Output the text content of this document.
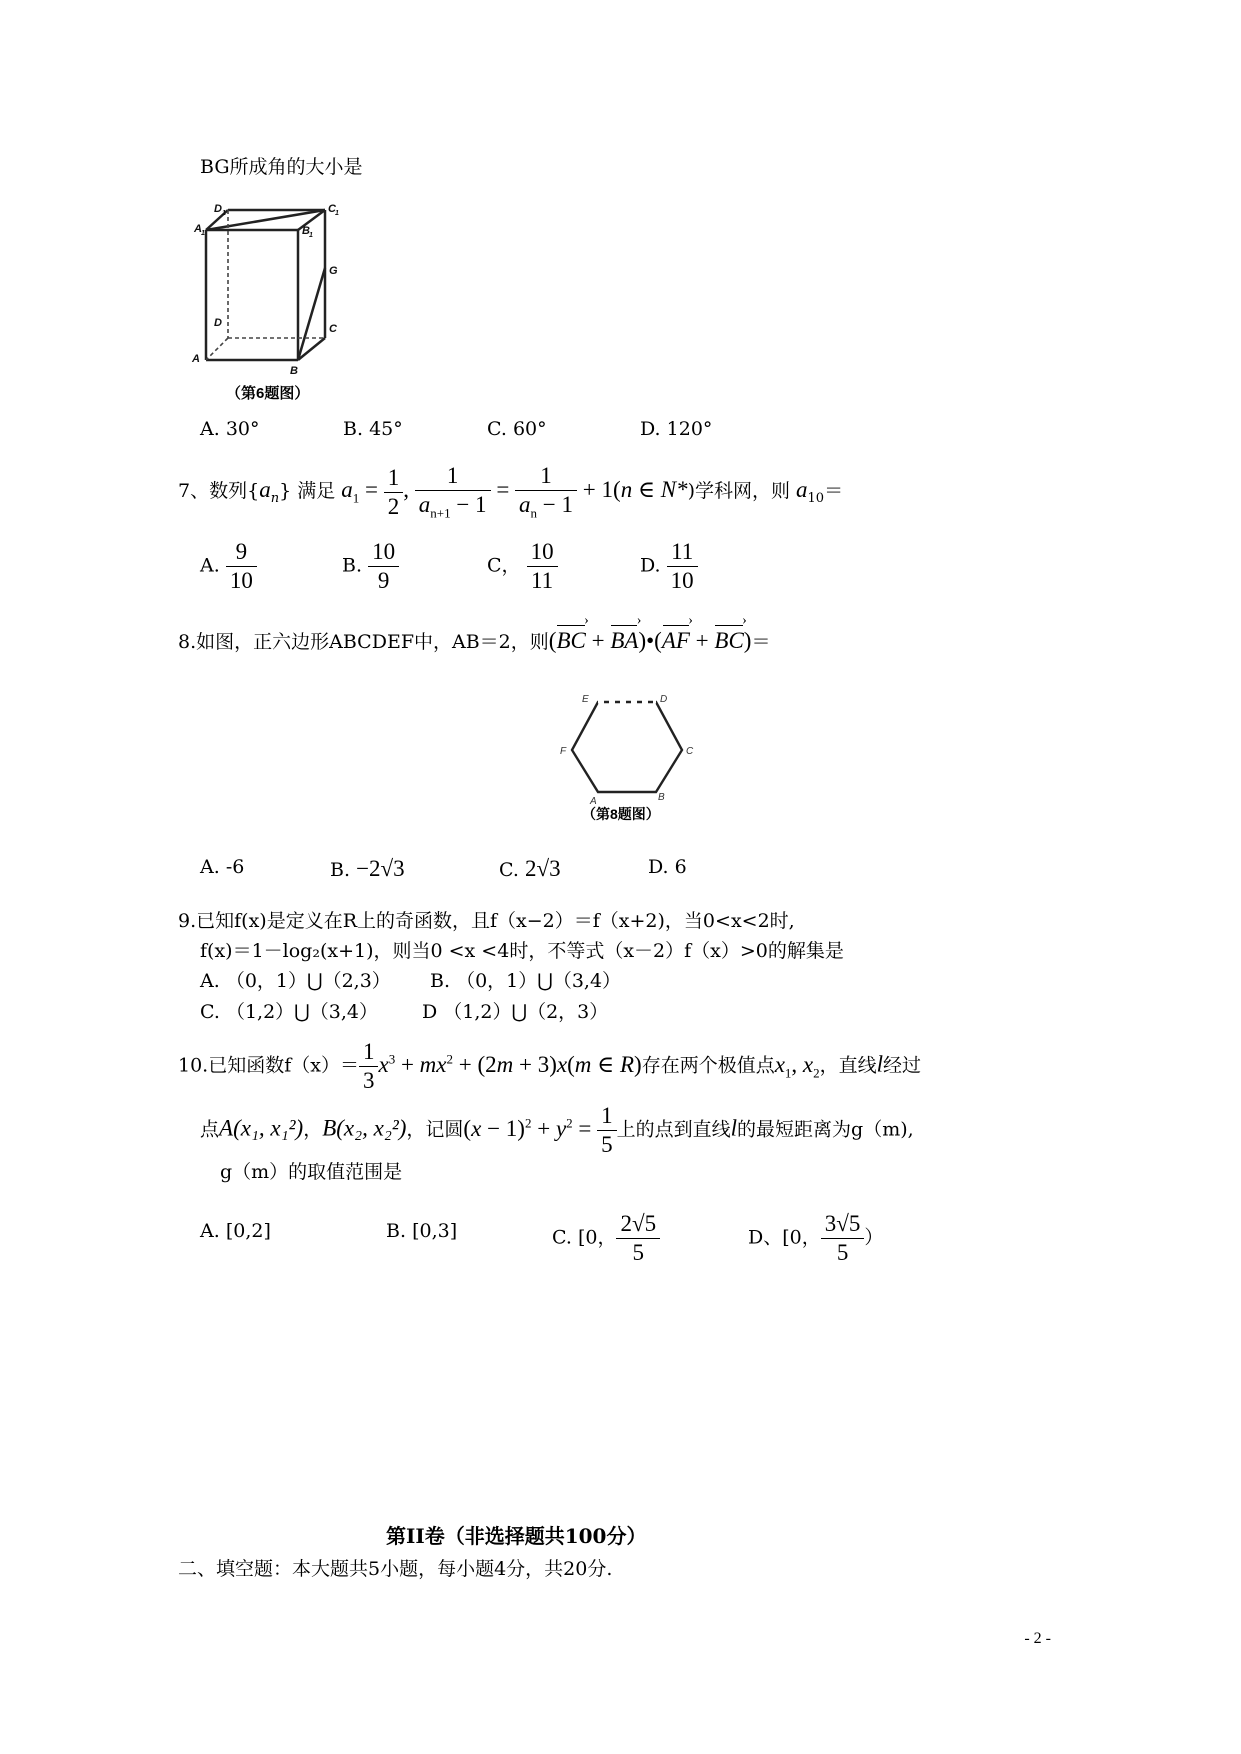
BG所成角的大小是
D 1	C 1
A 1	B 1
G
D	C
A
B
（第6题图）
A. 30°	B. 45°	C. 60°	D. 120°
7、数列$\{a_n\}$ 满足 $a_1 = \frac{1}{2}$ , $\frac{1}{a_{n+1} - 1} = \frac{1}{a_n - 1} + 1(n$ ∈ N*)学科网，则 $a_{10}=$
A. $\frac{9}{10}$	B. $\frac{10}{9}$	C， $\frac{10}{11}$	D. $\frac{11}{10}$
8.如图，正六边形ABCDEF中，AB＝2，则(BC › + BA ›)•(AF › + BC ›)＝
E	D
F	C
A	B
（第8题图）
A. -6	B. −2√3	C. 2√3	D. 6
9.已知f(x)是定义在R上的奇函数，且f（x−2）＝f（x+2)，当0<x<2时,
f(x)＝1－log₂(x+1)，则当0 <x <4时，不等式（x－2）f（x）>0的解集是
A. （0，1）⋃（2,3） B. （0，1）⋃（3,4）
C. （1,2）⋃（3,4） D （1,2）⋃（2，3）
10.已知函数$f(x)= \frac{1}{3} x^3 + mx^2 + (2m + 3)x(m$ ∈ R)存在两个极值点$x_1$, $x_2$，直线l经过
点A(x₁, x₁²)，B(x₂, x₂²)，记圆$(x - 1)^2 + y^2 = \frac{1}{5}$ 上的点到直线l的最短距离为g（m),
g（m）的取值范围是
A. [0,2]	B. [0,3]	C. [0， $\frac{2√5}{5}$	D、[0， $\frac{3√5}{5}$ ）
第II卷（非选择题共100分）
二、填空题：本大题共5小题，每小题4分，共20分.
- 2 -
